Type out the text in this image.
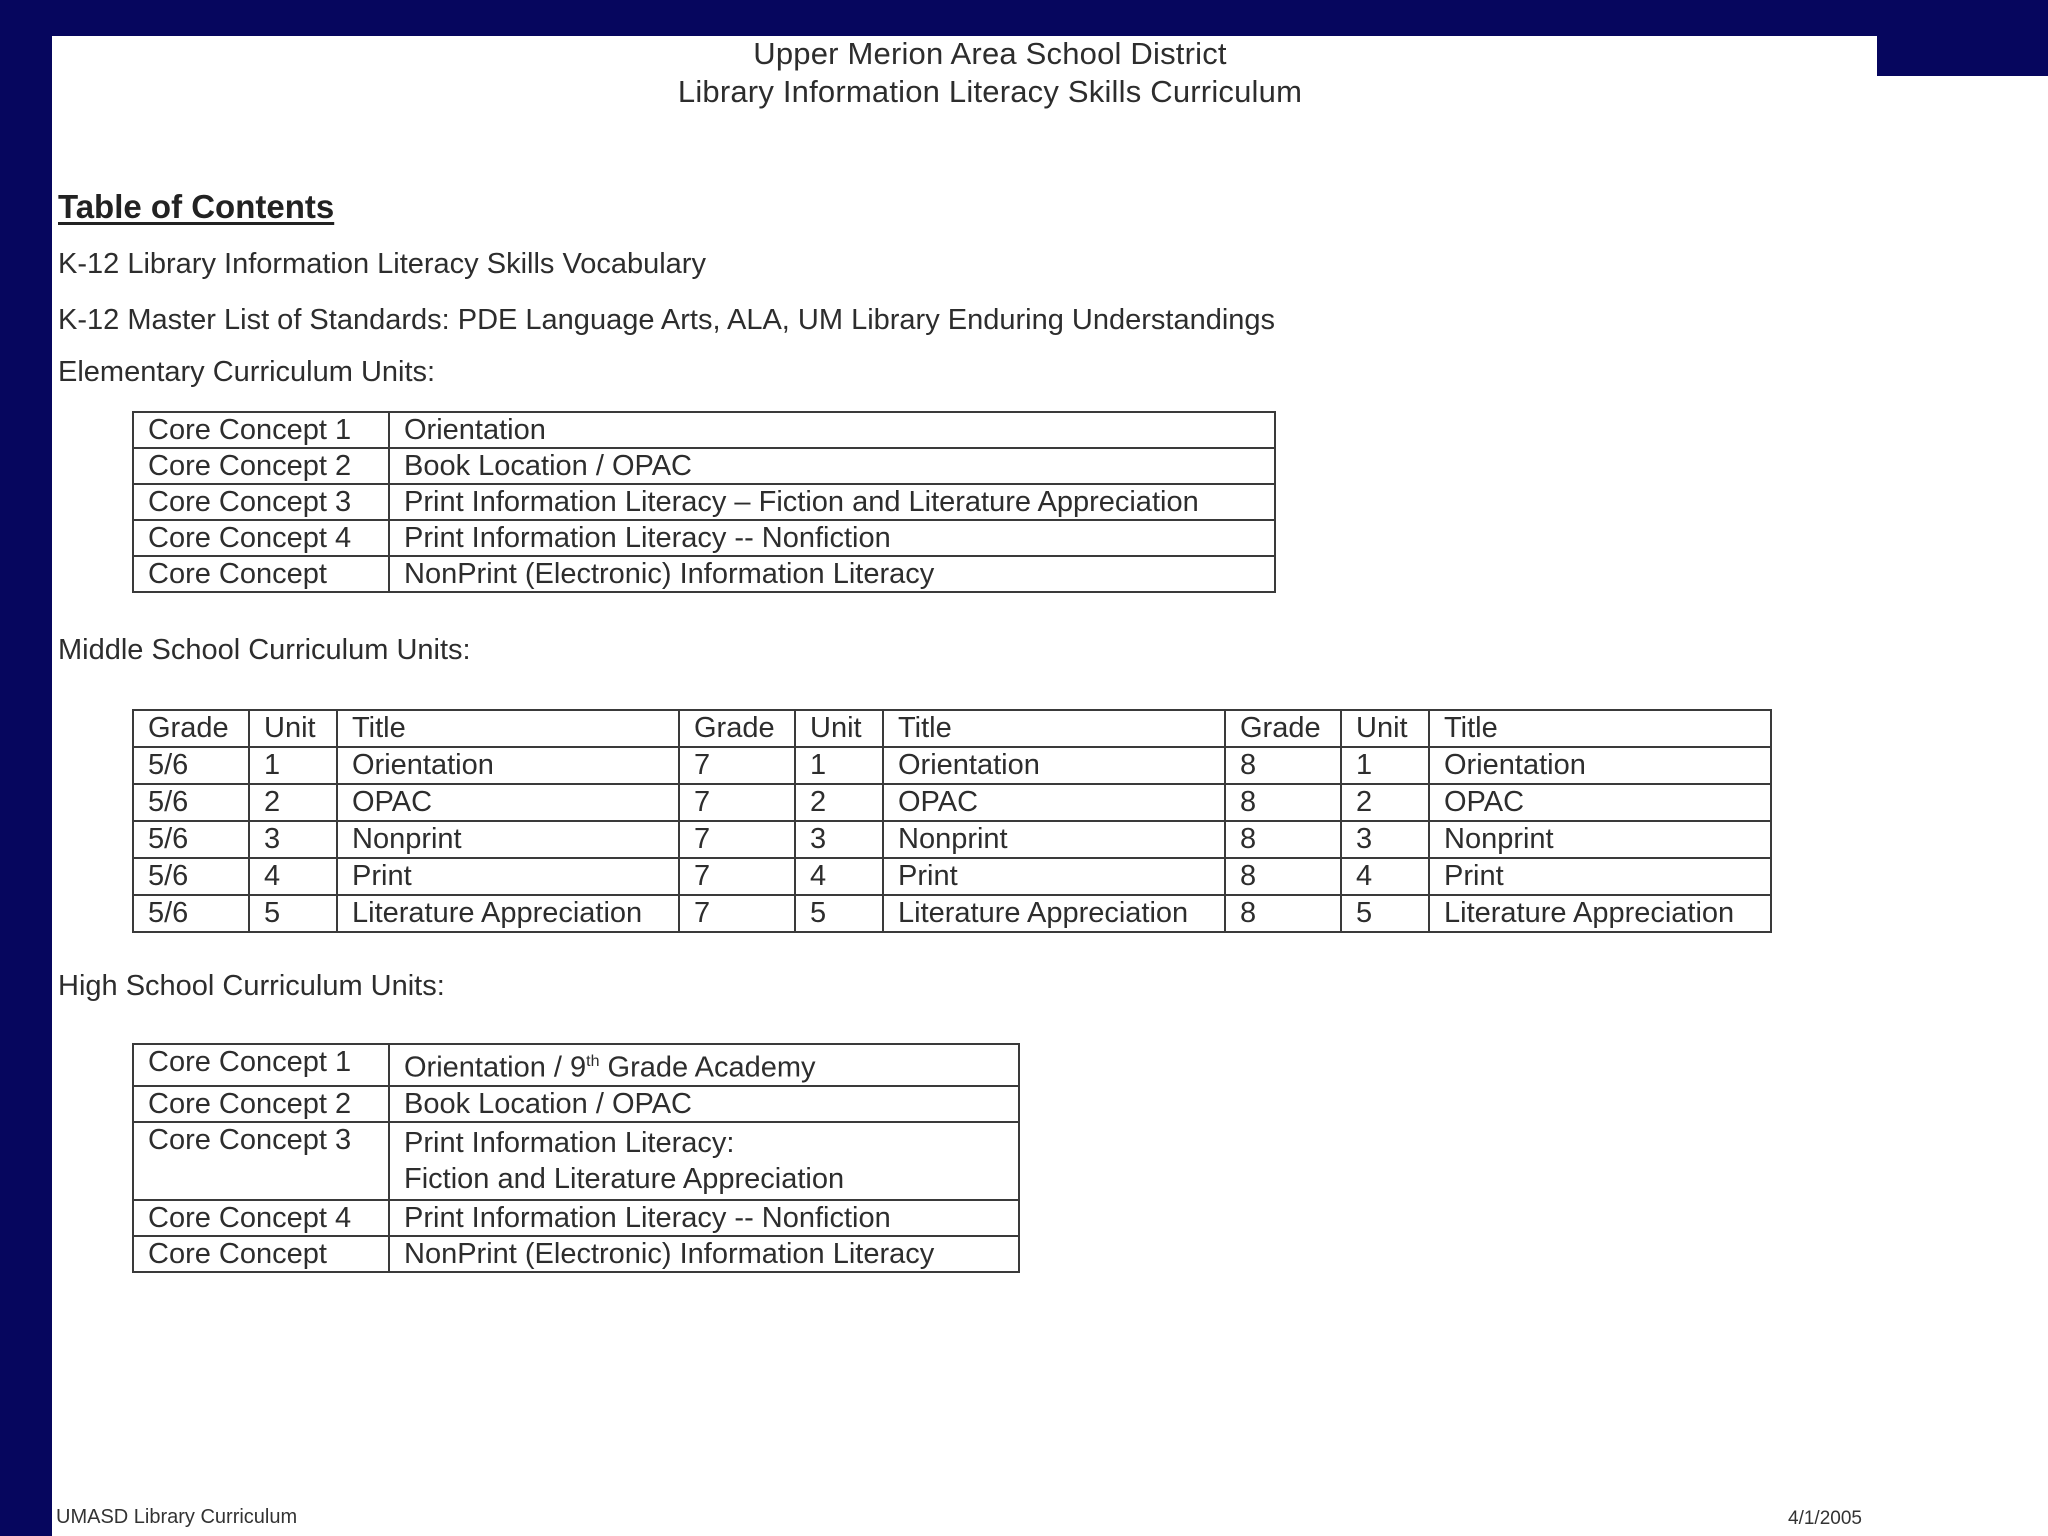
Upper Merion Area School District
Library Information Literacy Skills Curriculum
Table of Contents
K-12 Library Information Literacy Skills Vocabulary
K-12 Master List of Standards: PDE Language Arts, ALA, UM Library Enduring Understandings
Elementary Curriculum Units:
Core Concept 1	Orientation
Core Concept 2	Book Location / OPAC
Core Concept 3	Print Information Literacy – Fiction and Literature Appreciation
Core Concept 4	Print Information Literacy -- Nonfiction
Core Concept	NonPrint (Electronic) Information Literacy
Middle School Curriculum Units:
Grade	Unit	Title	Grade	Unit	Title	Grade	Unit	Title
5/6	1	Orientation	7	1	Orientation	8	1	Orientation
5/6	2	OPAC	7	2	OPAC	8	2	OPAC
5/6	3	Nonprint	7	3	Nonprint	8	3	Nonprint
5/6	4	Print	7	4	Print	8	4	Print
5/6	5	Literature Appreciation	7	5	Literature Appreciation	8	5	Literature Appreciation
High School Curriculum Units:
Core Concept 1	Orientation / 9th Grade Academy
Core Concept 2	Book Location / OPAC
Core Concept 3	Print Information Literacy:
Fiction and Literature Appreciation

Core Concept 4	Print Information Literacy -- Nonfiction
Core Concept	NonPrint (Electronic) Information Literacy
UMASD Library Curriculum	4/1/2005
